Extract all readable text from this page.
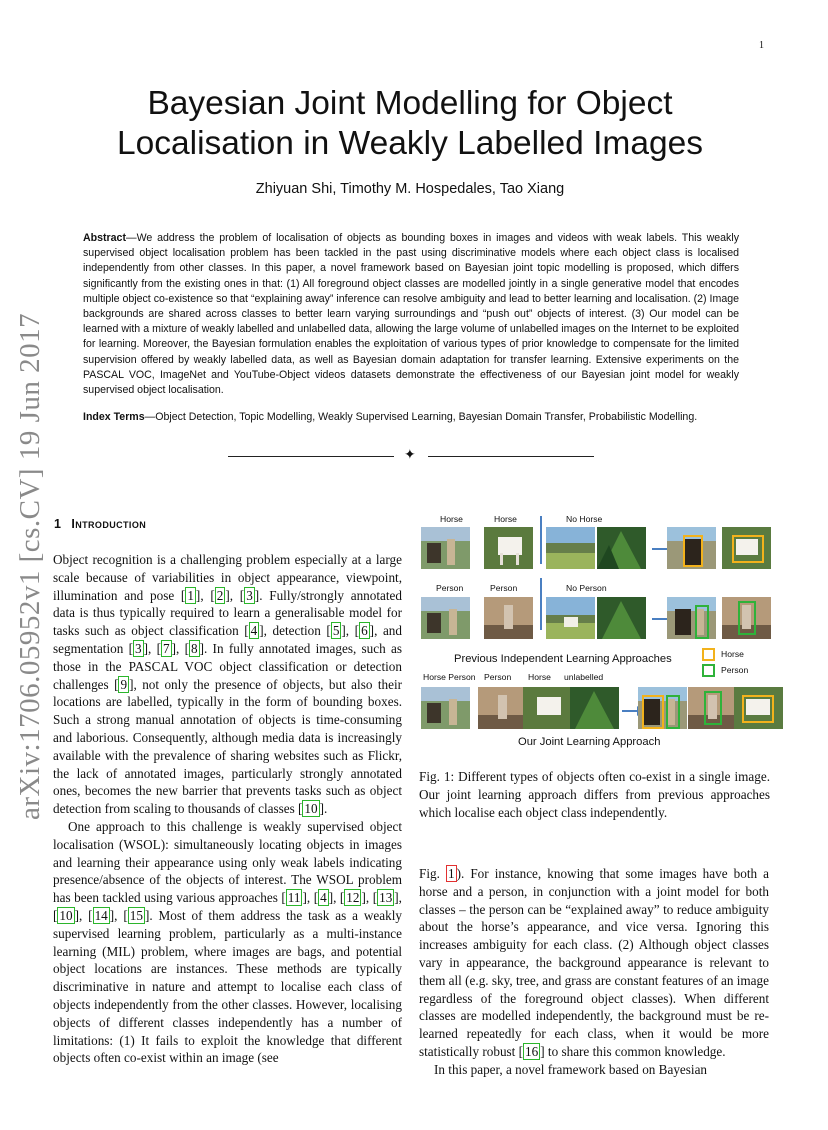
1
arXiv:1706.05952v1 [cs.CV] 19 Jun 2017
Bayesian Joint Modelling for Object
Localisation in Weakly Labelled Images
Zhiyuan Shi, Timothy M. Hospedales, Tao Xiang
Abstract—We address the problem of localisation of objects as bounding boxes in images and videos with weak labels. This weakly supervised object localisation problem has been tackled in the past using discriminative models where each object class is localised independently from other classes. In this paper, a novel framework based on Bayesian joint topic modelling is proposed, which differs significantly from the existing ones in that: (1) All foreground object classes are modelled jointly in a single generative model that encodes multiple object co-existence so that “explaining away” inference can resolve ambiguity and lead to better learning and localisation. (2) Image backgrounds are shared across classes to better learn varying surroundings and “push out” objects of interest. (3) Our model can be learned with a mixture of weakly labelled and unlabelled data, allowing the large volume of unlabelled images on the Internet to be exploited for learning. Moreover, the Bayesian formulation enables the exploitation of various types of prior knowledge to compensate for the limited supervision offered by weakly labelled data, as well as Bayesian domain adaptation for transfer learning. Extensive experiments on the PASCAL VOC, ImageNet and YouTube-Object videos datasets demonstrate the effectiveness of our Bayesian joint model for weakly supervised object localisation.
Index Terms—Object Detection, Topic Modelling, Weakly Supervised Learning, Bayesian Domain Transfer, Probabilistic Modelling.
✦
1 Introduction

Object recognition is a challenging problem especially at a large scale because of variabilities in object appearance, viewpoint, illumination and pose [ 1 ], [ 2 ], [ 3 ]. Fully/strongly annotated data is thus typically required to learn a generalisable model for tasks such as object classification [ 4 ], detection [ 5 ], [ 6 ], and segmentation [ 3 ], [ 7 ], [ 8 ]. In fully annotated images, such as those in the PASCAL VOC object classification or detection challenges [ 9 ], not only the presence of objects, but also their locations are labelled, typically in the form of bounding boxes. Such a strong manual annotation of objects is time-consuming and laborious. Consequently, although media data is increasingly available with the prevalence of sharing websites such as Flickr, the lack of annotated images, particularly strongly annotated ones, becomes the new barrier that prevents tasks such as object detection from scaling to thousands of classes [ 10 ].

One approach to this challenge is weakly supervised object localisation (WSOL): simultaneously locating objects in images and learning their appearance using only weak labels indicating presence/absence of the objects of interest. The WSOL problem has been tackled using various approaches [ 11 ], [ 4 ], [ 12 ], [ 13 ], [ 10 ], [ 14 ], [ 15 ]. Most of them address the task as a weakly supervised learning problem, particularly as a multi-instance learning (MIL) problem, where images are bags, and potential object locations are instances. These methods are typically discriminative in nature and attempt to localise each class of objects independently from the other classes. However, localising objects of different classes independently has a number of limitations: (1) It fails to exploit the knowledge that different objects often co-exist within an image (see

Horse	Horse	No Horse
Person	Person	No Person
Previous Independent Learning Approaches	Horse
Person
Horse Person Person Horse unlabelled
Our Joint Learning Approach
Fig. 1: Different types of objects often co-exist in a single image. Our joint learning approach differs from previous approaches which localise each object class independently.

Fig. 1 ). For instance, knowing that some images have both a horse and a person, in conjunction with a joint model for both classes – the person can be “explained away” to reduce ambiguity about the horse’s appearance, and vice versa. Ignoring this increases ambiguity for each class. (2) Although object classes vary in appearance, the background appearance is relevant to them all (e.g. sky, tree, and grass are constant features of an image regardless of the foreground object classes). When different classes are modelled independently, the background must be re-learned repeatedly for each class, when it would be more statistically robust [ 16 ] to share this common knowledge.

In this paper, a novel framework based on Bayesian
